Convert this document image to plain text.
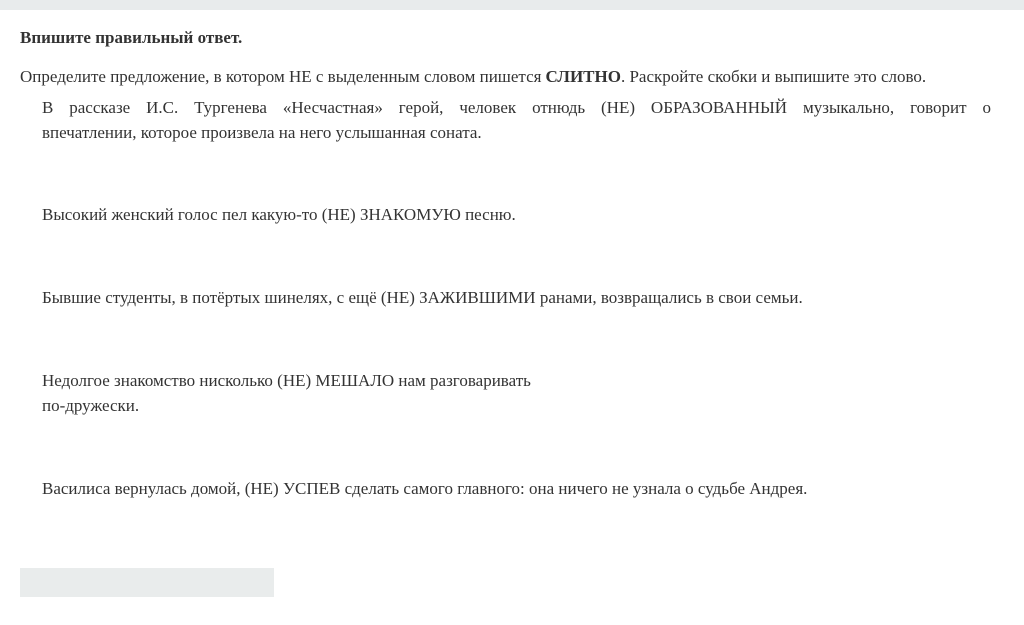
Впишите правильный ответ.
Определите предложение, в котором НЕ с выделенным словом пишется СЛИТНО. Раскройте скобки и выпишите это слово.
В рассказе И.С. Тургенева «Несчастная» герой, человек отнюдь (НЕ) ОБРАЗОВАННЫЙ музыкально, говорит о
впечатлении, которое произвела на него услышанная соната.
Высокий женский голос пел какую-то (НЕ) ЗНАКОМУЮ песню.
Бывшие студенты, в потёртых шинелях, с ещё (НЕ) ЗАЖИВШИМИ ранами, возвращались в свои семьи.
Недолгое знакомство нисколько (НЕ) МЕШАЛО нам разговаривать
по-дружески.
Василиса вернулась домой, (НЕ) УСПЕВ сделать самого главного: она ничего не узнала о судьбе Андрея.
